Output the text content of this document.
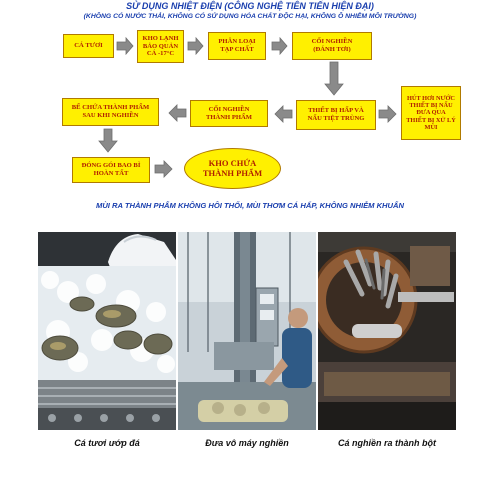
SỬ DỤNG NHIỆT ĐIỆN (CÔNG NGHỆ TIÊN TIẾN HIỆN ĐẠI)
(KHÔNG CÓ NƯỚC THẢI, KHÔNG CÓ SỬ DỤNG HÓA CHẤT ĐỘC HẠI, KHÔNG Ô NHIỄM MÔI TRƯỜNG)
CÁ TƯƠI
KHO LẠNH
BẢO QUẢN
CÁ -17°C
PHÂN LOẠI
TẠP CHẤT
CỐI NGHIỀN
(ĐÁNH TƠI)
THIẾT BỊ HẤP VÀ
NẤU TIỆT TRÙNG
HÚT HƠI NƯỚC
THIẾT BỊ NẤU
ĐƯA QUA
THIẾT BỊ XỬ LÝ
MÙI
CỐI NGHIỀN
THÀNH PHẨM
BỂ CHỨA THÀNH PHẨM
SAU KHI NGHIỀN
ĐÓNG GÓI BAO BÌ
HOÀN TẤT
KHO CHỨA
THÀNH PHẨM
MÙI RA THÀNH PHẨM KHÔNG HÔI THỐI, MÙI THƠM CÁ HẤP, KHÔNG NHIỄM KHUẨN
Cá tươi ướp đá	Đưa vô máy nghiền	Cá nghiền ra thành bột
